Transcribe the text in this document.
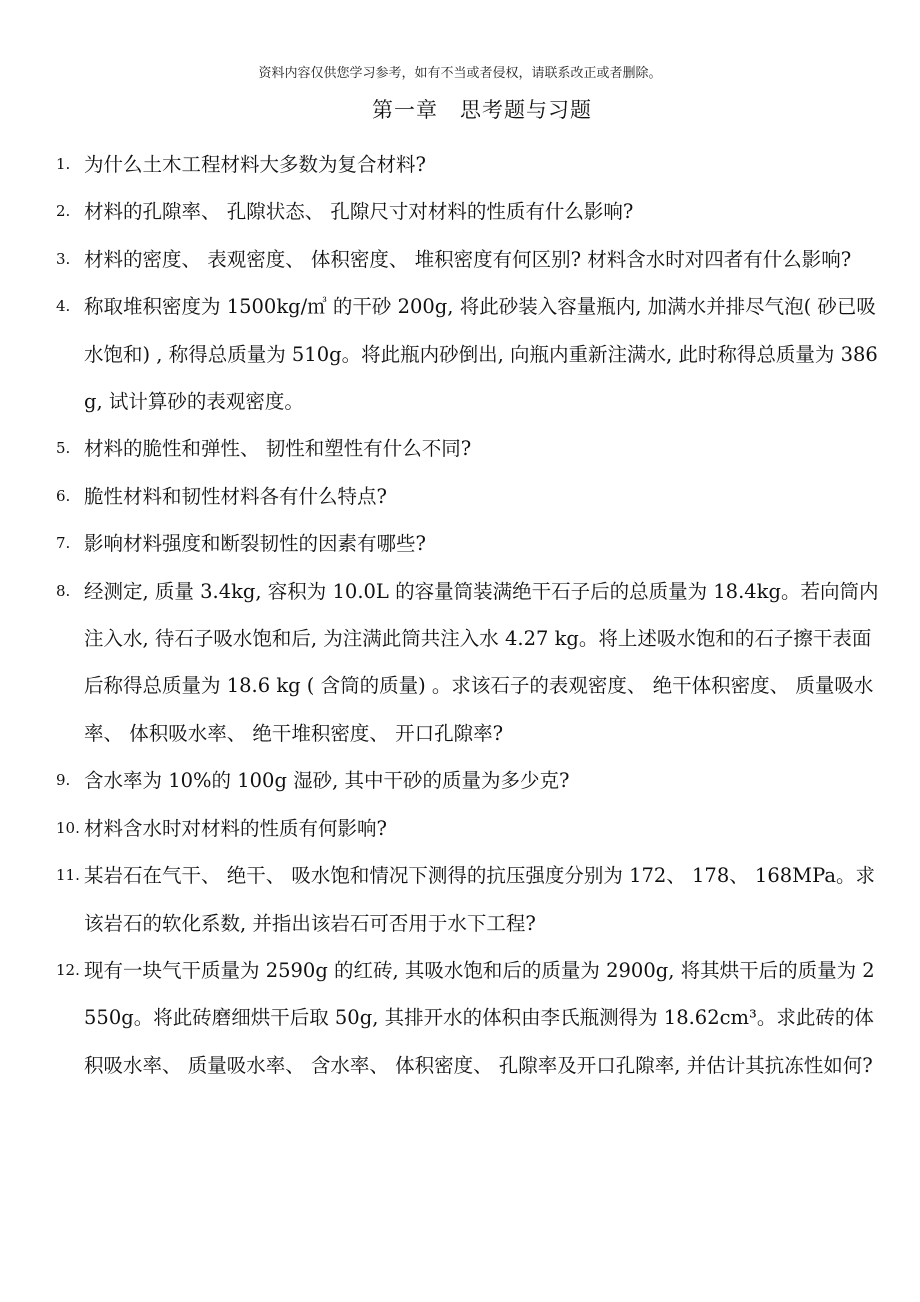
资料内容仅供您学习参考，如有不当或者侵权，请联系改正或者删除。
第一章 思考题与习题
1. 为什么土木工程材料大多数为复合材料?
2. 材料的孔隙率、 孔隙状态、 孔隙尺寸对材料的性质有什么影响?
3. 材料的密度、 表观密度、 体积密度、 堆积密度有何区别? 材料含水时对四者有什么影响?
4. 称取堆积密度为 1500kg/㎥ 的干砂 200g, 将此砂装入容量瓶内, 加满水并排尽气泡( 砂已吸水饱和) , 称得总质量为 510g。将此瓶内砂倒出, 向瓶内重新注满水, 此时称得总质量为 386g, 试计算砂的表观密度。
5. 材料的脆性和弹性、 韧性和塑性有什么不同?
6. 脆性材料和韧性材料各有什么特点?
7. 影响材料强度和断裂韧性的因素有哪些?
8. 经测定, 质量 3.4kg, 容积为 10.0L 的容量筒装满绝干石子后的总质量为 18.4kg。若向筒内注入水, 待石子吸水饱和后, 为注满此筒共注入水 4.27 kg。将上述吸水饱和的石子擦干表面后称得总质量为 18.6 kg ( 含筒的质量) 。求该石子的表观密度、 绝干体积密度、 质量吸水率、 体积吸水率、 绝干堆积密度、 开口孔隙率?
9. 含水率为 10%的 100g 湿砂, 其中干砂的质量为多少克?
10. 材料含水时对材料的性质有何影响?
11. 某岩石在气干、 绝干、 吸水饱和情况下测得的抗压强度分别为 172、 178、 168MPa。求该岩石的软化系数, 并指出该岩石可否用于水下工程?
12. 现有一块气干质量为 2590g 的红砖, 其吸水饱和后的质量为 2900g, 将其烘干后的质量为 2550g。将此砖磨细烘干后取 50g, 其排开水的体积由李氏瓶测得为 18.62cm³。求此砖的体积吸水率、 质量吸水率、 含水率、 体积密度、 孔隙率及开口孔隙率, 并估计其抗冻性如何?
